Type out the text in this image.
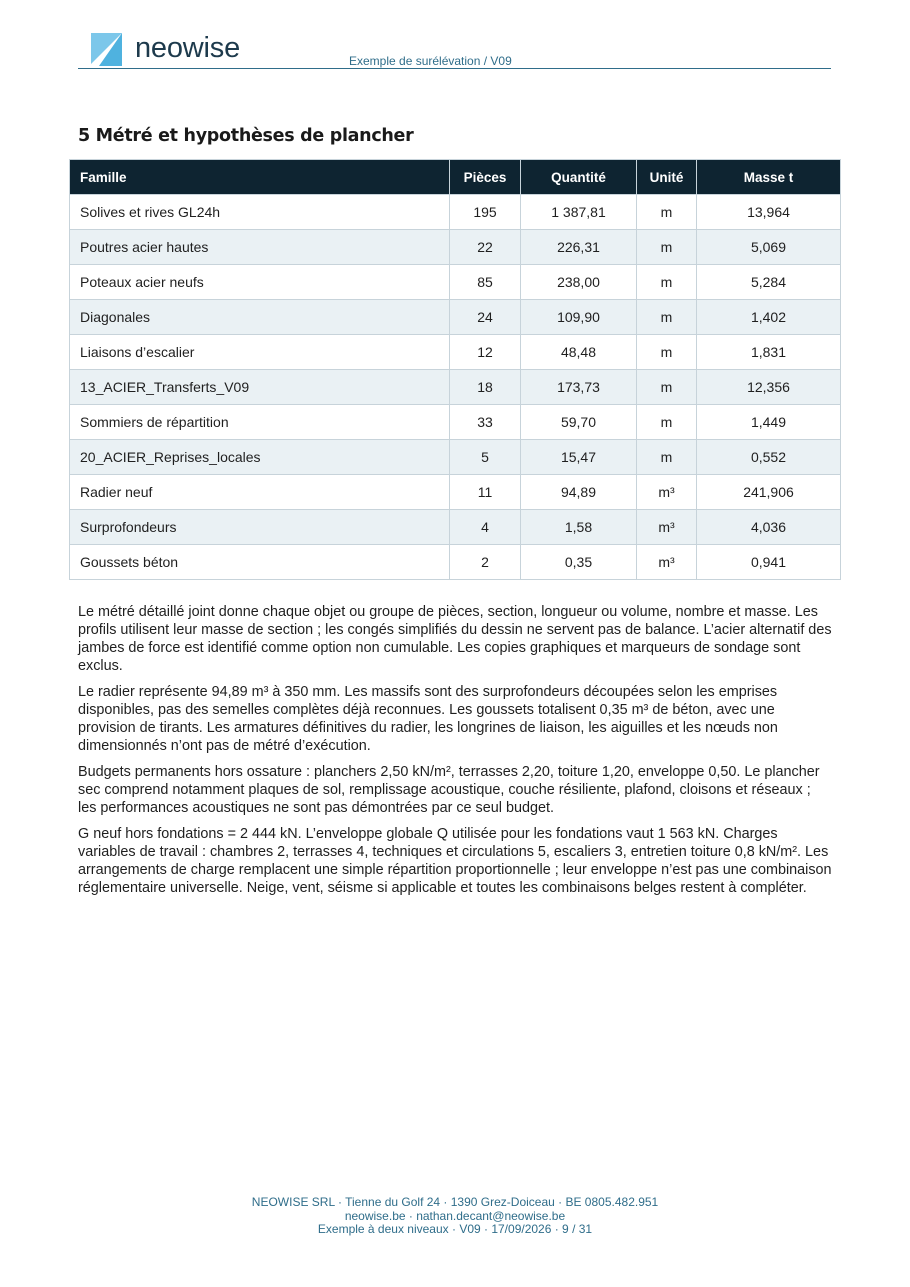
neowise	Exemple de surélévation / V09
5 Métré et hypothèses de plancher
Famille	Pièces	Quantité	Unité	Masse t
Solives et rives GL24h	195	1 387,81	m	13,964
Poutres acier hautes	22	226,31	m	5,069
Poteaux acier neufs	85	238,00	m	5,284
Diagonales	24	109,90	m	1,402
Liaisons d’escalier	12	48,48	m	1,831
13_ACIER_Transferts_V09	18	173,73	m	12,356
Sommiers de répartition	33	59,70	m	1,449
20_ACIER_Reprises_locales	5	15,47	m	0,552
Radier neuf	11	94,89	m³	241,906
Surprofondeurs	4	1,58	m³	4,036
Goussets béton	2	0,35	m³	0,941

Le métré détaillé joint donne chaque objet ou groupe de pièces, section, longueur ou volume, nombre et masse. Les profils utilisent leur masse de section ; les congés simplifiés du dessin ne servent pas de balance. L’acier alternatif des jambes de force est identifié comme option non cumulable. Les copies graphiques et marqueurs de sondage sont exclus.

Le radier représente 94,89 m³ à 350 mm. Les massifs sont des surprofondeurs découpées selon les emprises disponibles, pas des semelles complètes déjà reconnues. Les goussets totalisent 0,35 m³ de béton, avec une provision de tirants. Les armatures définitives du radier, les longrines de liaison, les aiguilles et les nœuds non dimensionnés n’ont pas de métré d’exécution.

Budgets permanents hors ossature : planchers 2,50 kN/m², terrasses 2,20, toiture 1,20, enveloppe 0,50. Le plancher sec comprend notamment plaques de sol, remplissage acoustique, couche résiliente, plafond, cloisons et réseaux ; les performances acoustiques ne sont pas démontrées par ce seul budget.

G neuf hors fondations = 2 444 kN. L’enveloppe globale Q utilisée pour les fondations vaut 1 563 kN. Charges variables de travail : chambres 2, terrasses 4, techniques et circulations 5, escaliers 3, entretien toiture 0,8 kN/m². Les arrangements de charge remplacent une simple répartition proportionnelle ; leur enveloppe n’est pas une combinaison réglementaire universelle. Neige, vent, séisme si applicable et toutes les combinaisons belges restent à compléter.

NEOWISE SRL · Tienne du Golf 24 · 1390 Grez-Doiceau · BE 0805.482.951
neowise.be · nathan.decant@neowise.be
Exemple à deux niveaux · V09 · 17/09/2026 · 9 / 31
